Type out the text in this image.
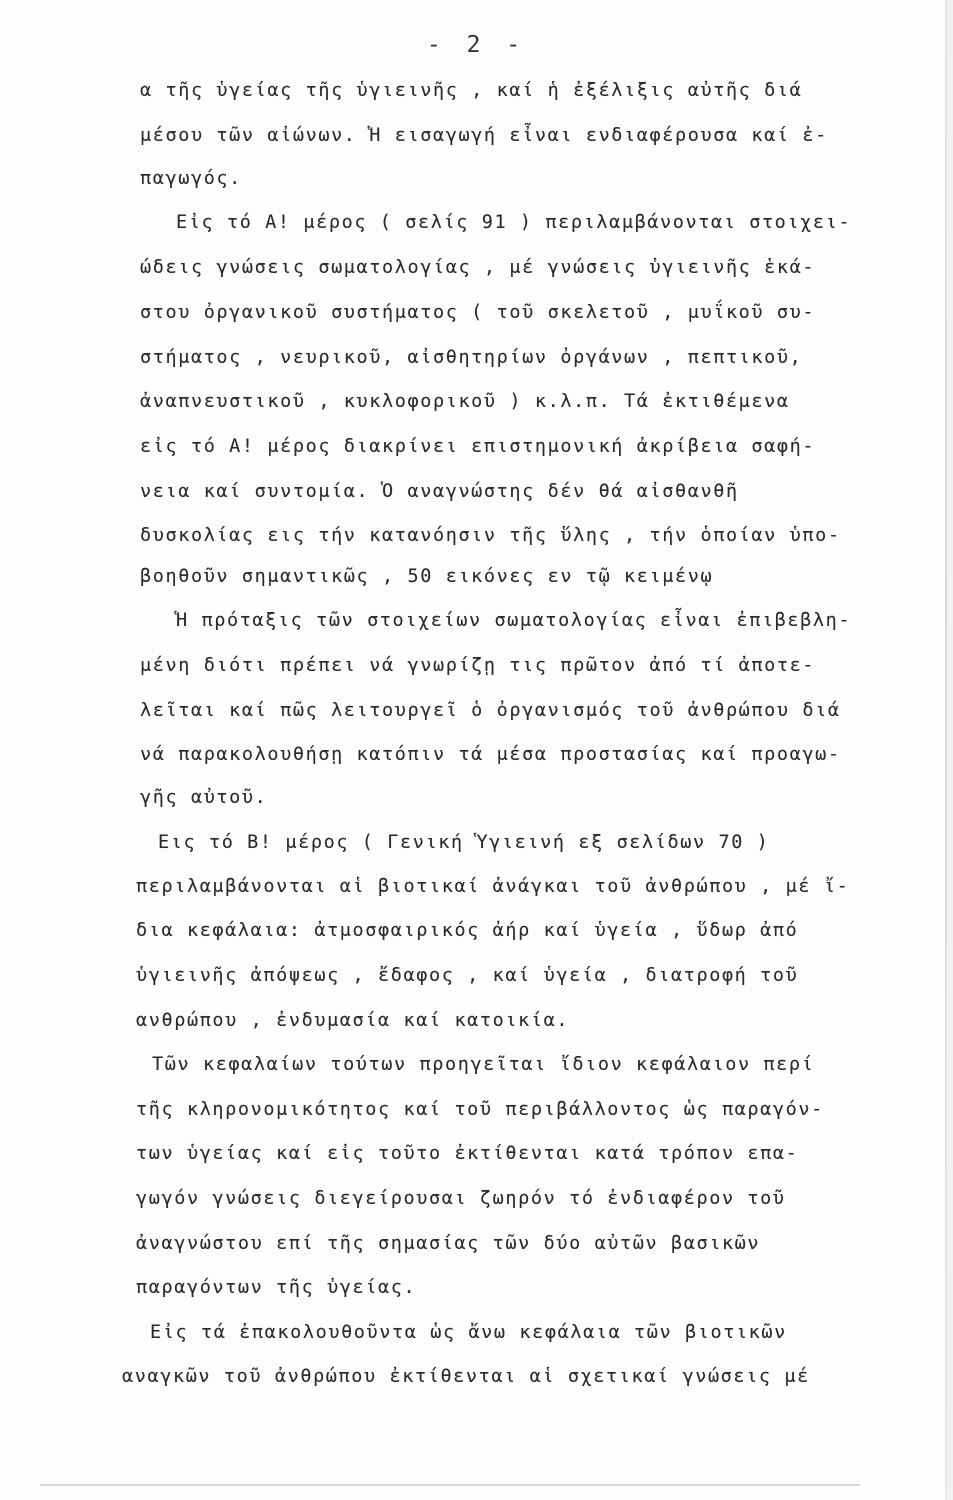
- 2 -
α τῆς ὑγείας τῆς ὑγιεινῆς , καί ἡ ἐξέλιξις αὐτῆς διά
μέσου τῶν αἰώνων. Ἡ εισαγωγή εἶναι ενδιαφέρουσα καί ἐ-
παγωγός.
Εἰς τό Α! μέρος ( σελίς 91 ) περιλαμβάνονται στοιχει-
ώδεις γνώσεις σωματολογίας , μέ γνώσεις ὑγιεινῆς ἑκά-
στου ὀργανικοῦ συστήματος ( τοῦ σκελετοῦ , μυΐκοῦ συ-
στήματος , νευρικοῦ, αἰσθητηρίων ὀργάνων , πεπτικοῦ,
ἀναπνευστικοῦ , κυκλοφορικοῦ ) κ.λ.π. Τά ἐκτιθέμενα
εἰς τό Α! μέρος διακρίνει επιστημονική ἀκρίβεια σαφή-
νεια καί συντομία. Ὁ αναγνώστης δέν θά αἰσθανθῆ
δυσκολίας εις τήν κατανόησιν τῆς ὕλης , τήν ὁποίαν ὑπο-
βοηθοῦν σημαντικῶς , 50 εικόνες εν τῷ κειμένῳ
Ἡ πρόταξις τῶν στοιχείων σωματολογίας εἶναι ἐπιβεβλη-
μένη διότι πρέπει νά γνωρίζῃ τις πρῶτον ἀπό τί ἀποτε-
λεῖται καί πῶς λειτουργεῖ ὁ ὀργανισμός τοῦ ἀνθρώπου διά
νά παρακολουθήσῃ κατόπιν τά μέσα προστασίας καί προαγω-
γῆς αὐτοῦ.
Εις τό Β! μέρος ( Γενική Ὑγιεινή εξ σελίδων 70 )
περιλαμβάνονται αἱ βιοτικαί ἀνάγκαι τοῦ ἀνθρώπου , μέ ἴ-
δια κεφάλαια: ἀτμοσφαιρικός ἀήρ καί ὑγεία , ὕδωρ ἀπό
ὑγιεινῆς ἀπόψεως , ἔδαφος , καί ὑγεία , διατροφή τοῦ
ανθρώπου , ἐνδυμασία καί κατοικία.
Τῶν κεφαλαίων τούτων προηγεῖται ἴδιον κεφάλαιον περί
τῆς κληρονομικότητος καί τοῦ περιβάλλοντος ὡς παραγόν-
των ὑγείας καί εἰς τοῦτο ἐκτίθενται κατά τρόπον επα-
γωγόν γνώσεις διεγείρουσαι ζωηρόν τό ἐνδιαφέρον τοῦ
ἀναγνώστου επί τῆς σημασίας τῶν δύο αὐτῶν βασικῶν
παραγόντων τῆς ὑγείας.
Εἰς τά ἐπακολουθοῦντα ὡς ἄνω κεφάλαια τῶν βιοτικῶν
αναγκῶν τοῦ ἀνθρώπου ἐκτίθενται αἱ σχετικαί γνώσεις μέ
